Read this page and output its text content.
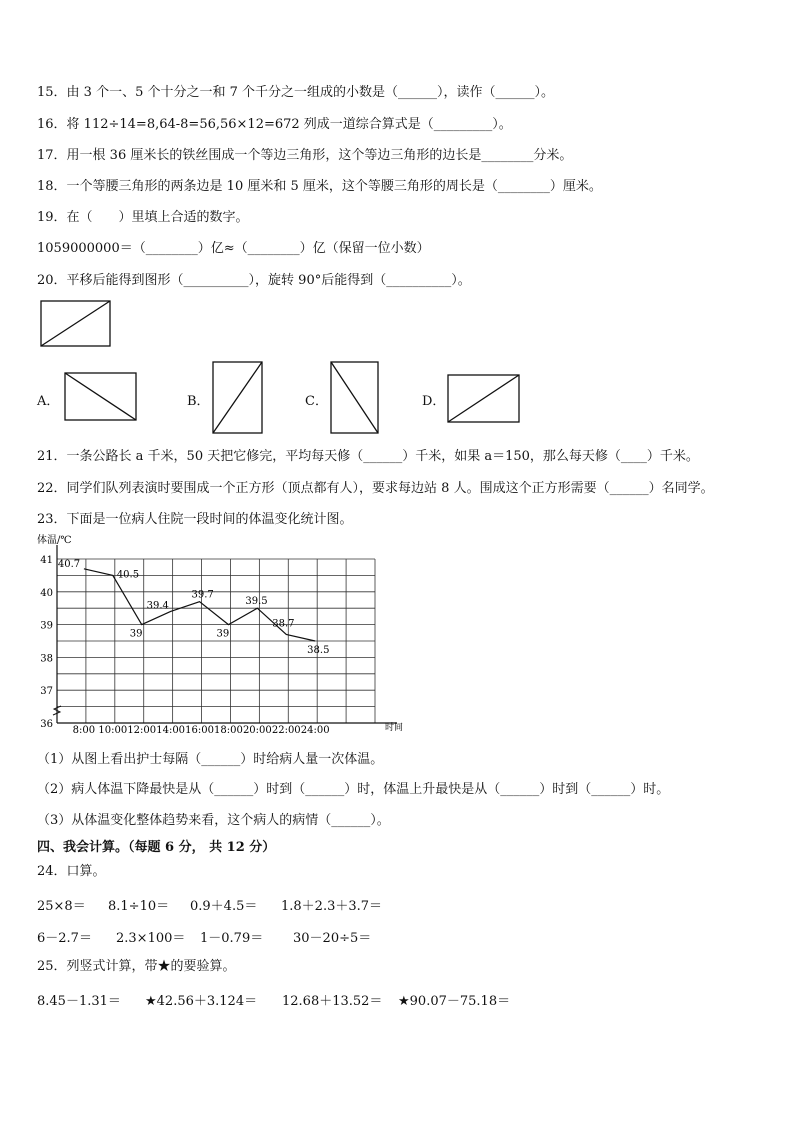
15．由 3 个一、5 个十分之一和 7 个千分之一组成的小数是（______），读作（______）。
16．将 112÷14=8,64-8=56,56×12=672 列成一道综合算式是（_________）。
17．用一根 36 厘米长的铁丝围成一个等边三角形，这个等边三角形的边长是________分米。
18．一个等腰三角形的两条边是 10 厘米和 5 厘米，这个等腰三角形的周长是（________）厘米。
19．在（　　）里填上合适的数字。
1059000000＝（________）亿≈（________）亿（保留一位小数）
20．平移后能得到图形（__________），旋转 90°后能得到（__________）。
A．	B．	C．	D．
21．一条公路长 a 千米，50 天把它修完，平均每天修（______）千米，如果 a＝150，那么每天修（____）千米。
22．同学们队列表演时要围成一个正方形（顶点都有人），要求每边站 8 人。围成这个正方形需要（______）名同学。
23．下面是一位病人住院一段时间的体温变化统计图。
36
37
38
39
40
41
体温/℃
时间
8:00 10:00 12:00 14:00 16:00 18:00 20:00 22:00 24:00
40.7
40.5
39
39.4
39.7
39
39.5
38.7
38.5
（1）从图上看出护士每隔（______）时给病人量一次体温。
（2）病人体温下降最快是从（______）时到（______）时，体温上升最快是从（______）时到（______）时。
（3）从体温变化整体趋势来看，这个病人的病情（______）。
四、我会计算。（每题 6 分， 共 12 分）
24．口算。
25×8＝ 8.1÷10＝ 0.9＋4.5＝ 1.8＋2.3＋3.7＝
6－2.7＝ 2.3×100＝ 1－0.79＝ 30－20÷5＝
25．列竖式计算，带★的要验算。
8.45－1.31＝ ★42.56＋3.124＝ 12.68＋13.52＝ ★90.07－75.18＝
